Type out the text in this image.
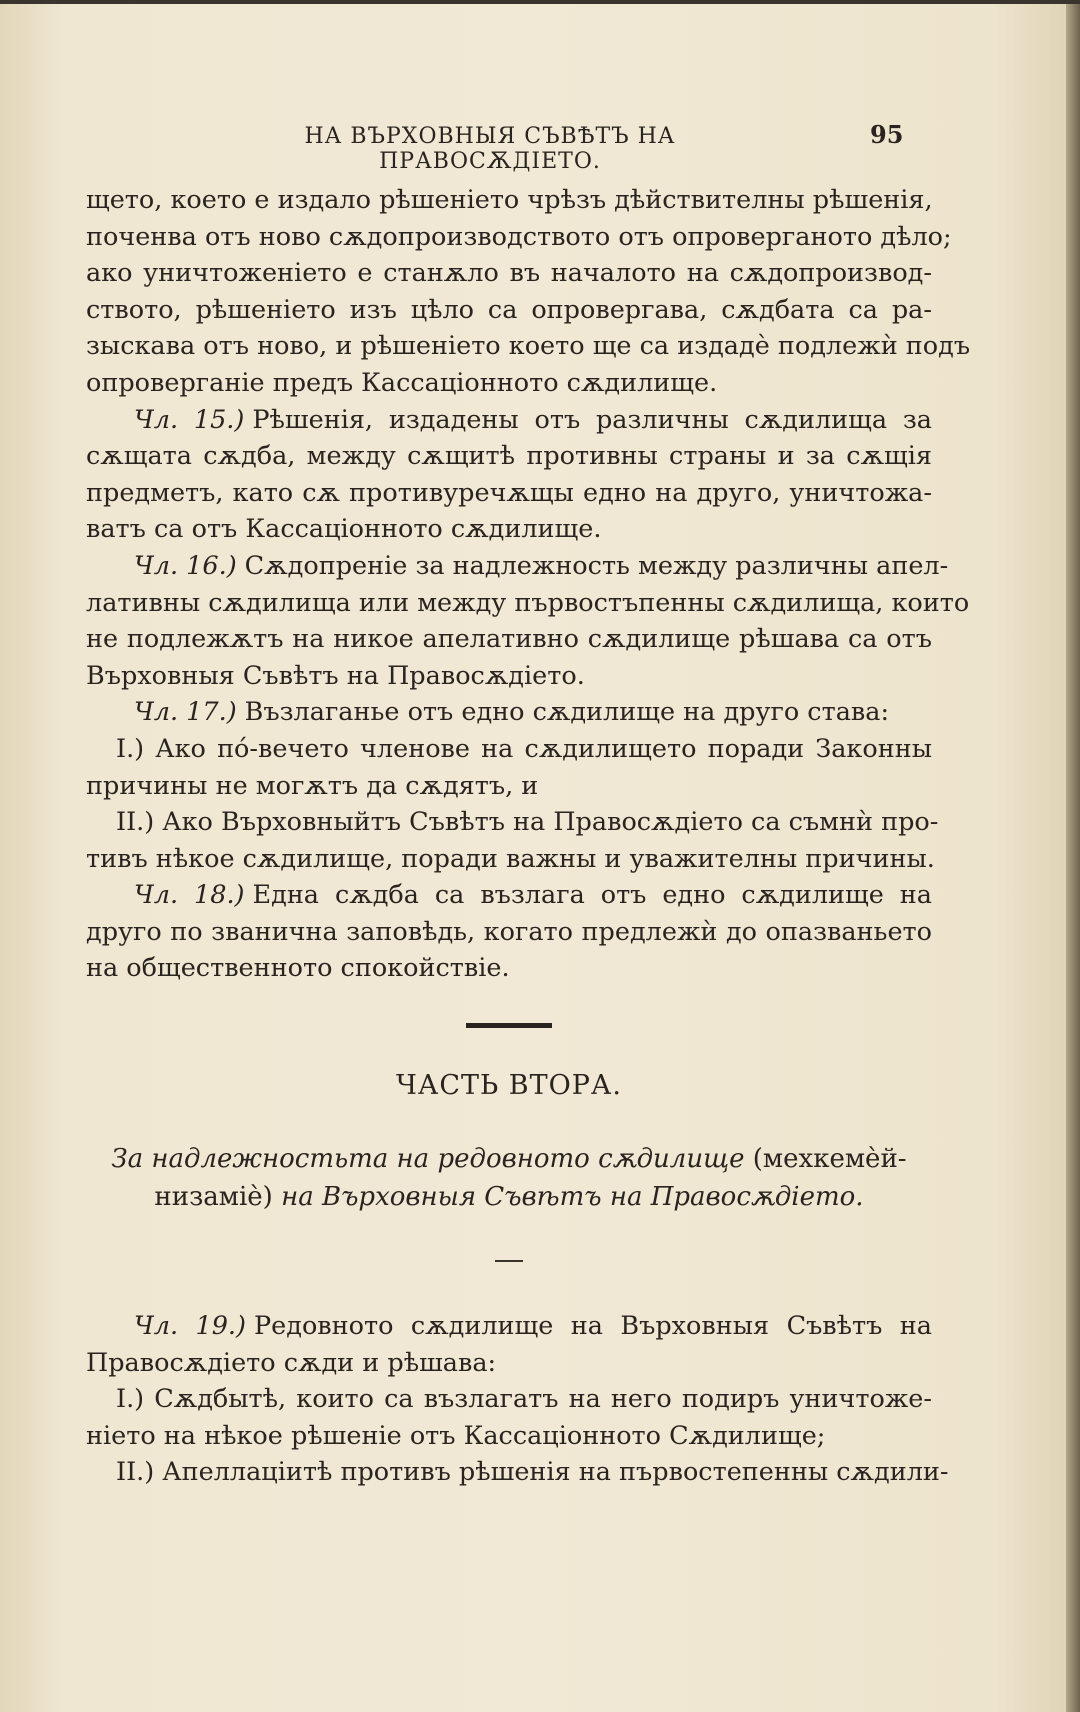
НА ВЪРХОВНЫЯ СЪВѢТЪ НА ПРАВОСѪДІЕТО.
95
щето, което е издало рѣшеніето чрѣзъ дѣйствителны рѣшенія,
поченва отъ ново сѫдопроизводството отъ опроверганото дѣло;
ако уничтоженіето е станѫло въ началото на сѫдопроизвод-
ството, рѣшеніето изъ цѣло са опровергава, сѫдбата са ра-
зыскава отъ ново, и рѣшеніето което ще са издадѐ подлежѝ подъ
опроверганіе предъ Кассаціонното сѫдилище.
Чл. 15.) Рѣшенія, издадены отъ различны сѫдилища за
сѫщата сѫдба, между сѫщитѣ противны страны и за сѫщія
предметъ, като сѫ противуречѫщы едно на друго, уничтожа-
ватъ са отъ Кассаціонното сѫдилище.
Чл. 16.) Сѫдопреніе за надлежность между различны апел-
лативны сѫдилища или между първостъпенны сѫдилища, които
не подлежѫтъ на никое апелативно сѫдилище рѣшава са отъ
Върховныя Съвѣтъ на Правосѫдіето.
Чл. 17.) Възлаганье отъ едно сѫдилище на друго става:
I.) Ако по́-вечето членове на сѫдилището поради Законны
причины не могѫтъ да сѫдятъ, и
II.) Ако Върховныйтъ Съвѣтъ на Правосѫдіето са съмнѝ про-
тивъ нѣкое сѫдилище, поради важны и уважителны причины.
Чл. 18.) Една сѫдба са възлага отъ едно сѫдилище на
друго по званична заповѣдь, когато предлежѝ до опазваньето
на общественното спокойствіе.
ЧАСТЬ ВТОРА.
За надлежностьта на редовното сѫдилище (мехкемѐй-
низамiѐ) на Върховныя Съвѣтъ на Правосѫдіето.
Чл. 19.) Редовното сѫдилище на Върховныя Съвѣтъ на
Правосѫдіето сѫди и рѣшава:
I.) Сѫдбытѣ, които са възлагатъ на него подиръ уничтоже-
ніето на нѣкое рѣшеніе отъ Кассаціонното Сѫдилище;
II.) Апеллаціитѣ противъ рѣшенія на първостепенны сѫдили-
